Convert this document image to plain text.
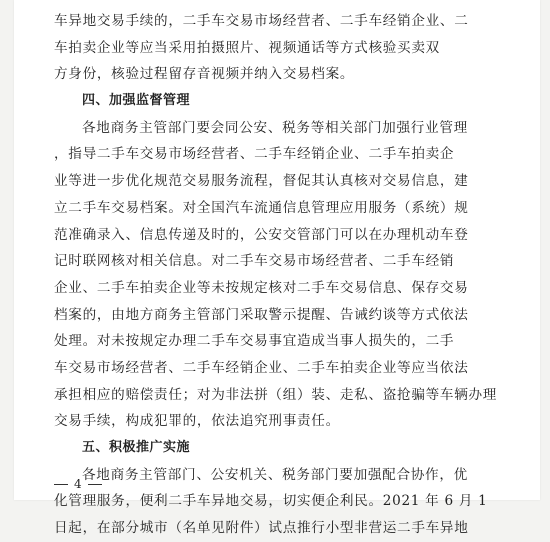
车异地交易手续的，二手车交易市场经营者、二手车经销企业、二
车拍卖企业等应当采用拍摄照片、视频通话等方式核验买卖双
方身份，核验过程留存音视频并纳入交易档案。
四、加强监督管理
各地商务主管部门要会同公安、税务等相关部门加强行业管理
，指导二手车交易市场经营者、二手车经销企业、二手车拍卖企
业等进一步优化规范交易服务流程，督促其认真核对交易信息，建
立二手车交易档案。对全国汽车流通信息管理应用服务（系统）规
范准确录入、信息传递及时的，公安交管部门可以在办理机动车登
记时联网核对相关信息。对二手车交易市场经营者、二手车经销
企业、二手车拍卖企业等未按规定核对二手车交易信息、保存交易
档案的，由地方商务主管部门采取警示提醒、告诫约谈等方式依法
处理。对未按规定办理二手车交易事宜造成当事人损失的，二手
车交易市场经营者、二手车经销企业、二手车拍卖企业等应当依法
承担相应的赔偿责任；对为非法拼（组）装、走私、盗抢骗等车辆办理
交易手续，构成犯罪的，依法追究刑事责任。
五、积极推广实施
各地商务主管部门、公安机关、税务部门要加强配合协作，优
化管理服务，便利二手车异地交易，切实便企利民。2021 年 6 月 1
日起，在部分城市（名单见附件）试点推行小型非营运二手车异地
4
